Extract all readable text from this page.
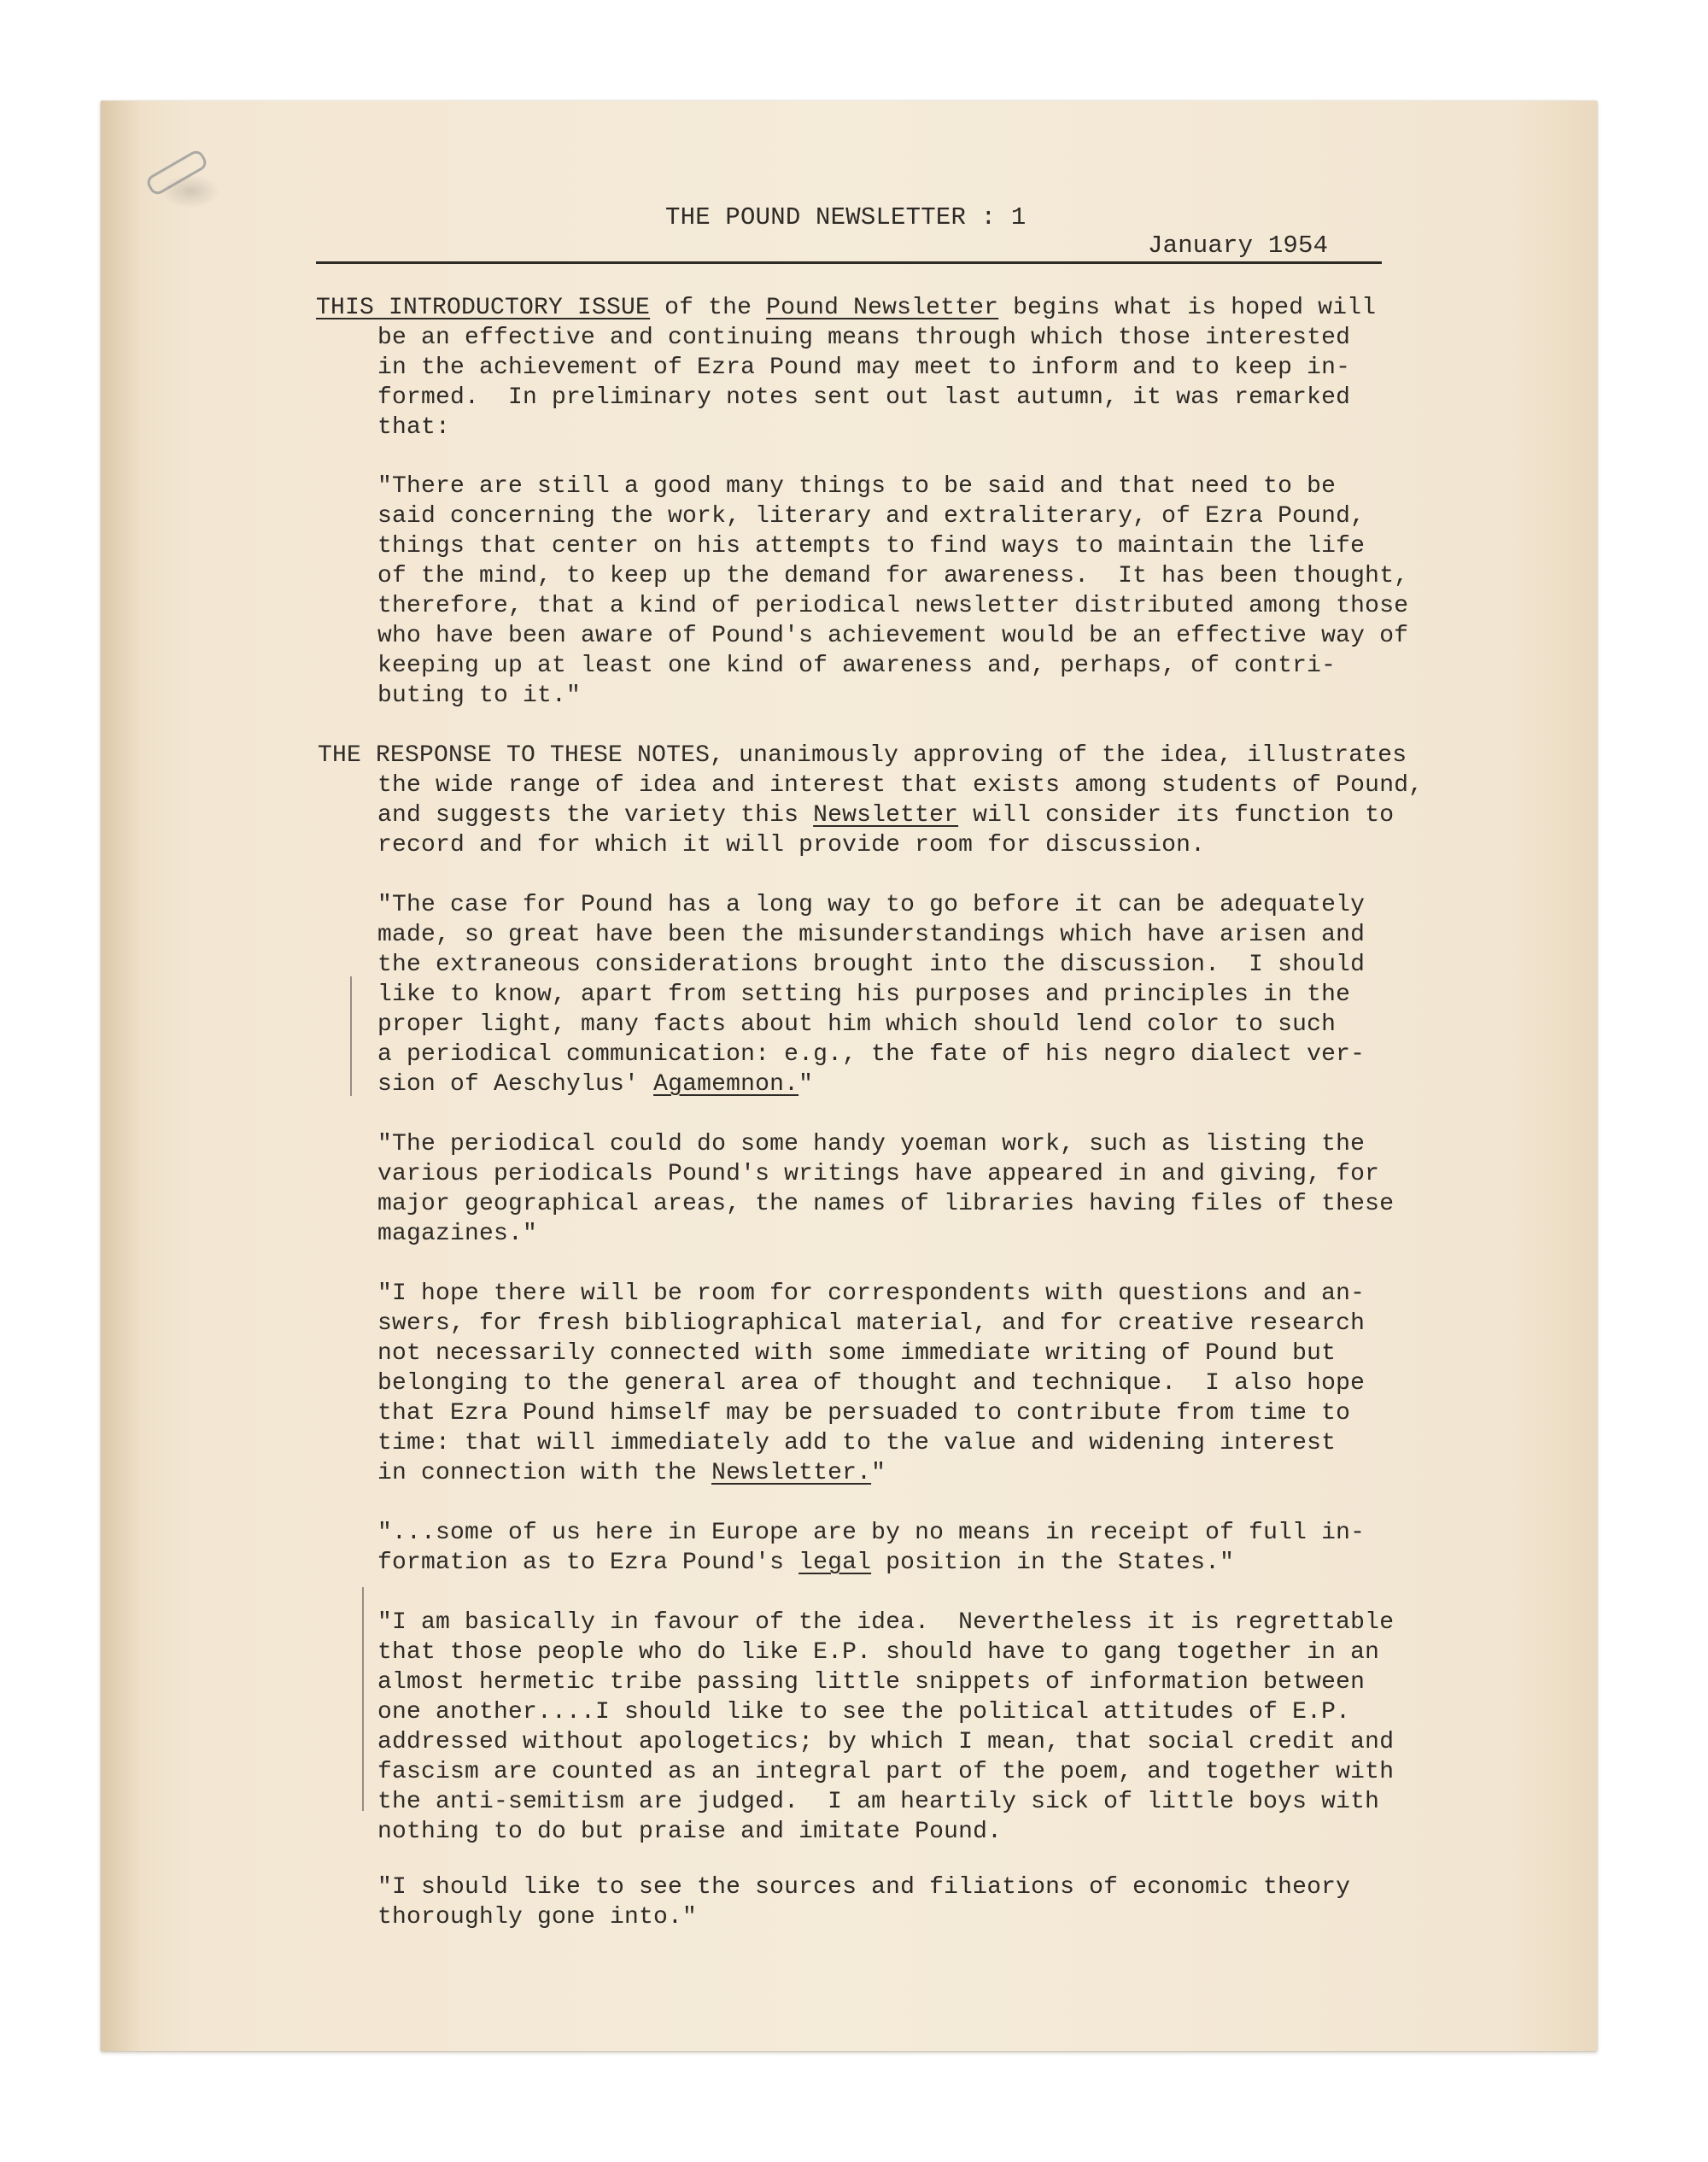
THE POUND NEWSLETTER : 1
January 1954
THIS INTRODUCTORY ISSUE of the Pound Newsletter begins what is hoped will
be an effective and continuing means through which those interested
in the achievement of Ezra Pound may meet to inform and to keep in-
formed.  In preliminary notes sent out last autumn, it was remarked
that:
"There are still a good many things to be said and that need to be
said concerning the work, literary and extraliterary, of Ezra Pound,
things that center on his attempts to find ways to maintain the life
of the mind, to keep up the demand for awareness.  It has been thought,
therefore, that a kind of periodical newsletter distributed among those
who have been aware of Pound's achievement would be an effective way of
keeping up at least one kind of awareness and, perhaps, of contri-
buting to it."
THE RESPONSE TO THESE NOTES, unanimously approving of the idea, illustrates
the wide range of idea and interest that exists among students of Pound,
and suggests the variety this Newsletter will consider its function to
record and for which it will provide room for discussion.
"The case for Pound has a long way to go before it can be adequately
made, so great have been the misunderstandings which have arisen and
the extraneous considerations brought into the discussion.  I should
like to know, apart from setting his purposes and principles in the
proper light, many facts about him which should lend color to such
a periodical communication: e.g., the fate of his negro dialect ver-
sion of Aeschylus' Agamemnon."
"The periodical could do some handy yoeman work, such as listing the
various periodicals Pound's writings have appeared in and giving, for
major geographical areas, the names of libraries having files of these
magazines."
"I hope there will be room for correspondents with questions and an-
swers, for fresh bibliographical material, and for creative research
not necessarily connected with some immediate writing of Pound but
belonging to the general area of thought and technique.  I also hope
that Ezra Pound himself may be persuaded to contribute from time to
time: that will immediately add to the value and widening interest
in connection with the Newsletter."
"...some of us here in Europe are by no means in receipt of full in-
formation as to Ezra Pound's legal position in the States."
"I am basically in favour of the idea.  Nevertheless it is regrettable
that those people who do like E.P. should have to gang together in an
almost hermetic tribe passing little snippets of information between
one another....I should like to see the political attitudes of E.P.
addressed without apologetics; by which I mean, that social credit and
fascism are counted as an integral part of the poem, and together with
the anti-semitism are judged.  I am heartily sick of little boys with
nothing to do but praise and imitate Pound.
"I should like to see the sources and filiations of economic theory
thoroughly gone into."
